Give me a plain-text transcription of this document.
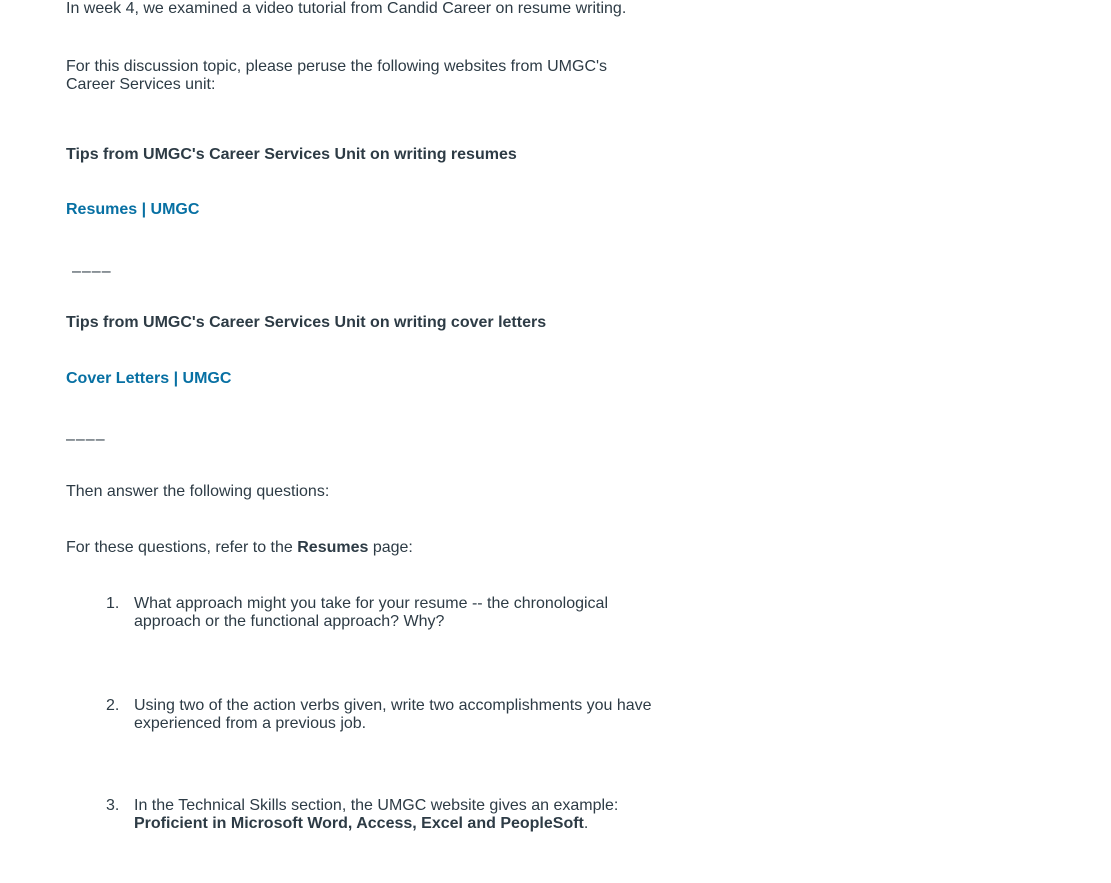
In week 4, we examined a video tutorial from Candid Career on resume writing.

For this discussion topic, please peruse the following websites from UMGC's
Career Services unit:

Tips from UMGC's Career Services Unit on writing resumes

Resumes | UMGC

––––

Tips from UMGC's Career Services Unit on writing cover letters

Cover Letters | UMGC

––––

Then answer the following questions:

For these questions, refer to the Resumes page:

1. What approach might you take for your resume -- the chronological
approach or the functional approach? Why?
2. Using two of the action verbs given, write two accomplishments you have
experienced from a previous job.
3. In the Technical Skills section, the UMGC website gives an example:
Proficient in Microsoft Word, Access, Excel and PeopleSoft.
